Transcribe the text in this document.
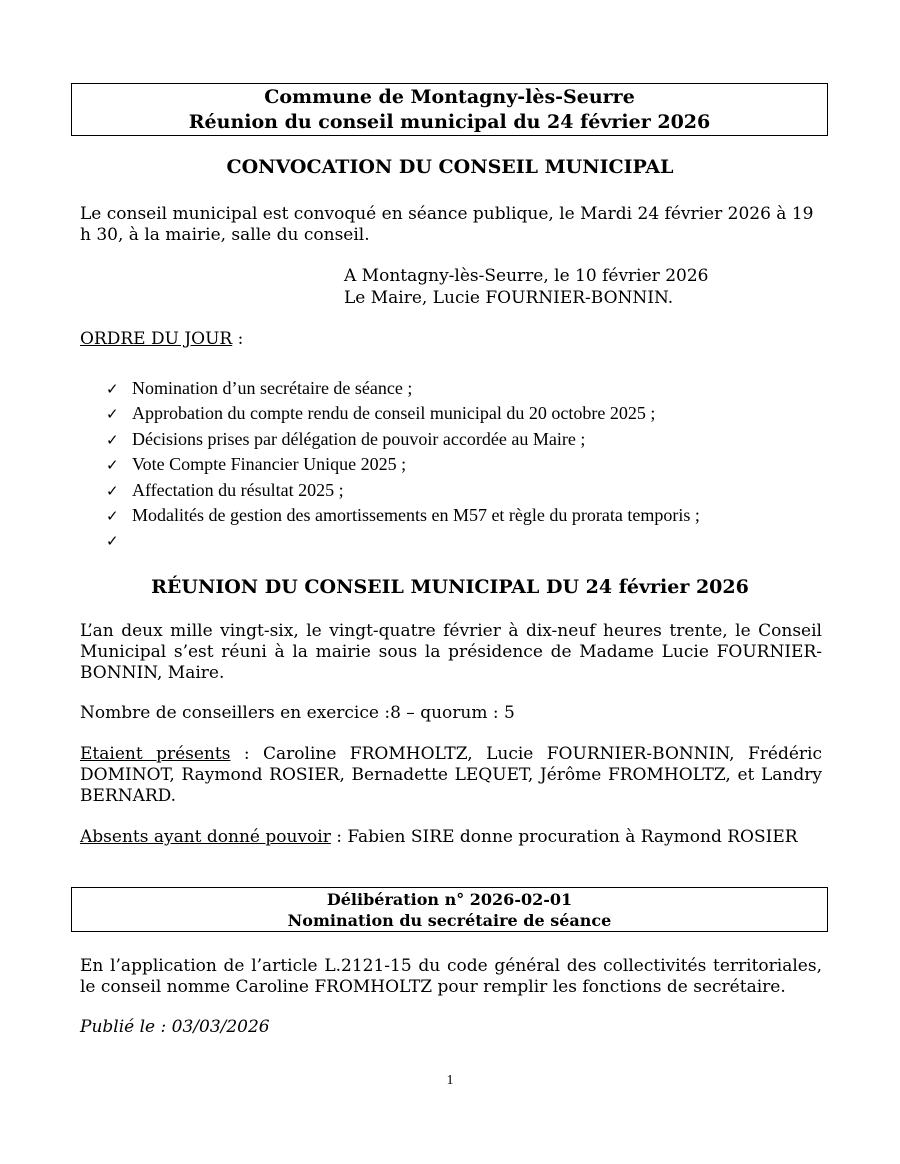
Commune de Montagny-lès-Seurre
Réunion du conseil municipal du 24 février 2026
CONVOCATION DU CONSEIL MUNICIPAL
Le conseil municipal est convoqué en séance publique, le Mardi 24 février 2026 à 19 h 30, à la mairie, salle du conseil.
A Montagny-lès-Seurre, le 10 février 2026
Le Maire, Lucie FOURNIER-BONNIN.
ORDRE DU JOUR :
✓ Nomination d’un secrétaire de séance ;
✓ Approbation du compte rendu de conseil municipal du 20 octobre 2025 ;
✓ Décisions prises par délégation de pouvoir accordée au Maire ;
✓ Vote Compte Financier Unique 2025 ;
✓ Affectation du résultat 2025 ;
✓ Modalités de gestion des amortissements en M57 et règle du prorata temporis ;
✓
RÉUNION DU CONSEIL MUNICIPAL DU 24 février 2026
L’an deux mille vingt-six, le vingt-quatre février à dix-neuf heures trente, le Conseil Municipal s’est réuni à la mairie sous la présidence de Madame Lucie FOURNIER-BONNIN, Maire.
Nombre de conseillers en exercice :8 – quorum : 5
Etaient présents : Caroline FROMHOLTZ, Lucie FOURNIER-BONNIN, Frédéric DOMINOT, Raymond ROSIER, Bernadette LEQUET, Jérôme FROMHOLTZ, et Landry BERNARD.
Absents ayant donné pouvoir : Fabien SIRE donne procuration à Raymond ROSIER
Délibération n° 2026-02-01
Nomination du secrétaire de séance
En l’application de l’article L.2121-15 du code général des collectivités territoriales, le conseil nomme Caroline FROMHOLTZ pour remplir les fonctions de secrétaire.
Publié le : 03/03/2026
1
